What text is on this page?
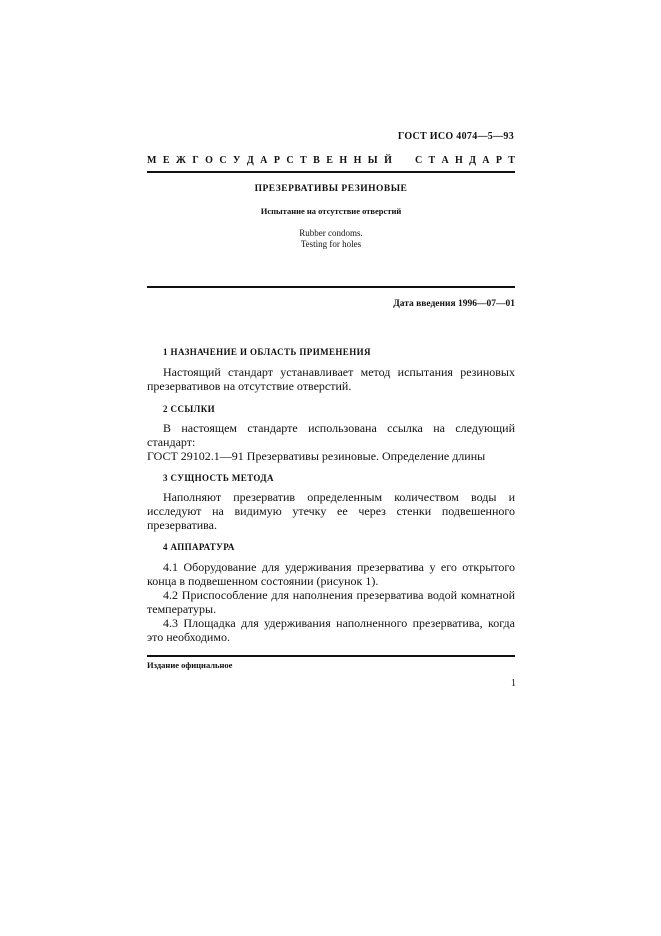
ГОСТ ИСО 4074—5—93
М Е Ж Г О С У Д А Р С Т В Е Н Н Ы Й С Т А Н Д А Р Т
ПРЕЗЕРВАТИВЫ РЕЗИНОВЫЕ
Испытание на отсутствие отверстий
Rubber condoms.
Testing for holes
Дата введения 1996—07—01
1 НАЗНАЧЕНИЕ И ОБЛАСТЬ ПРИМЕНЕНИЯ

Настоящий стандарт устанавливает метод испытания резиновых презервативов на отсутствие отверстий.

2 ССЫЛКИ

В настоящем стандарте использована ссылка на следующий стандарт:

ГОСТ 29102.1—91 Презервативы резиновые. Определение длины

3 СУЩНОСТЬ МЕТОДА

Наполняют презерватив определенным количеством воды и исследуют на видимую утечку ее через стенки подвешенного презерватива.

4 АППАРАТУРА

4.1 Оборудование для удерживания презерватива у его открытого конца в подвешенном состоянии (рисунок 1).

4.2 Приспособление для наполнения презерватива водой комнатной температуры.

4.3 Площадка для удерживания наполненного презерватива, когда это необходимо.

Издание официальное
1
